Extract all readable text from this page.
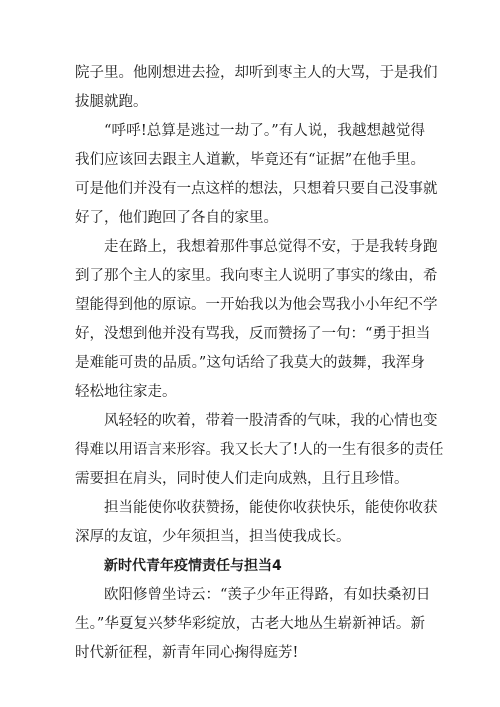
院子里。他刚想进去捡，却听到枣主人的大骂，于是我们
拔腿就跑。
“呼呼!总算是逃过一劫了。”有人说，我越想越觉得
我们应该回去跟主人道歉，毕竟还有“证据”在他手里。
可是他们并没有一点这样的想法，只想着只要自己没事就
好了，他们跑回了各自的家里。
走在路上，我想着那件事总觉得不安，于是我转身跑
到了那个主人的家里。我向枣主人说明了事实的缘由，希
望能得到他的原谅。一开始我以为他会骂我小小年纪不学
好，没想到他并没有骂我，反而赞扬了一句：“勇于担当
是难能可贵的品质。”这句话给了我莫大的鼓舞，我浑身
轻松地往家走。
风轻轻的吹着，带着一股清香的气味，我的心情也变
得难以用语言来形容。我又长大了!人的一生有很多的责任
需要担在肩头，同时使人们走向成熟，且行且珍惜。
担当能使你收获赞扬，能使你收获快乐，能使你收获
深厚的友谊，少年须担当，担当使我成长。
新时代青年疫情责任与担当4
欧阳修曾坐诗云：“羡子少年正得路，有如扶桑初日
生。”华夏复兴梦华彩绽放，古老大地丛生崭新神话。新
时代新征程，新青年同心掬得庭芳!
